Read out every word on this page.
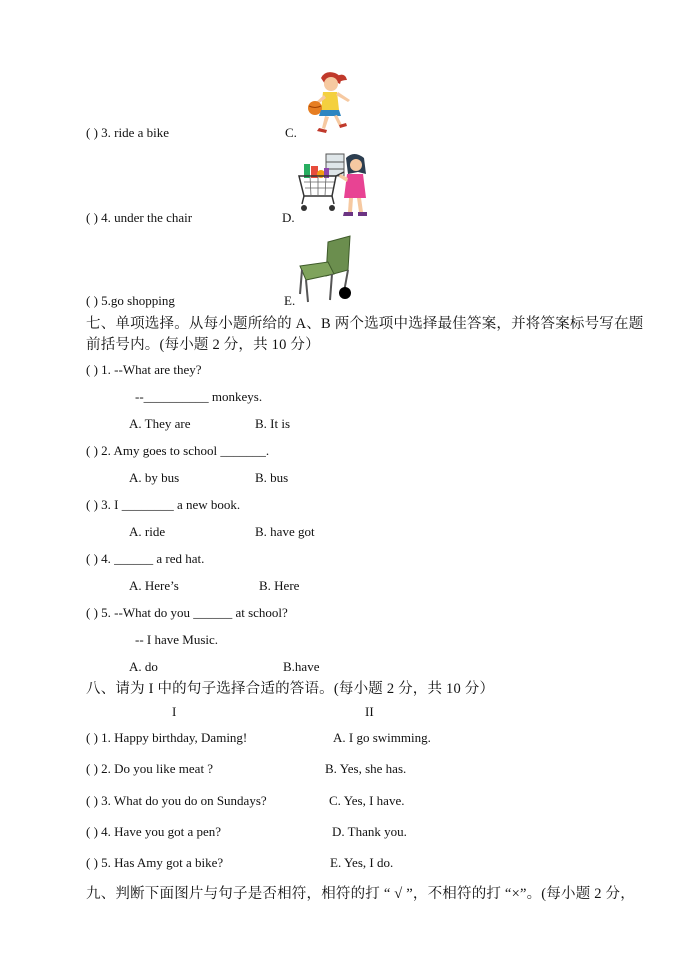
( ) 3. ride a bike	C.
( ) 4. under the chair	D.
( ) 5.go shopping	E.
七、单项选择。从每小题所给的 A、B 两个选项中选择最佳答案，并将答案标号写在题
前括号内。(每小题 2 分，共 10 分）
( ) 1. --What are they?
--__________ monkeys.
A. They are	B. It is
( ) 2. Amy goes to school _______.
A. by bus	B. bus
( ) 3. I ________ a new book.
A. ride	B. have got
( ) 4. ______ a red hat.
A. Here’s	B. Here
( ) 5. --What do you ______ at school?
-- I have Music.
A. do	B.have
八、请为 I 中的句子选择合适的答语。(每小题 2 分，共 10 分）
I	II
( ) 1. Happy birthday, Daming!	A. I go swimming.
( ) 2. Do you like meat ?	B. Yes, she has.
( ) 3. What do you do on Sundays?	C. Yes, I have.
( ) 4. Have you got a pen?	D. Thank you.
( ) 5. Has Amy got a bike?	E. Yes, I do.
九、判断下面图片与句子是否相符，相符的打 “ √ ”，不相符的打 “×”。(每小题 2 分，
